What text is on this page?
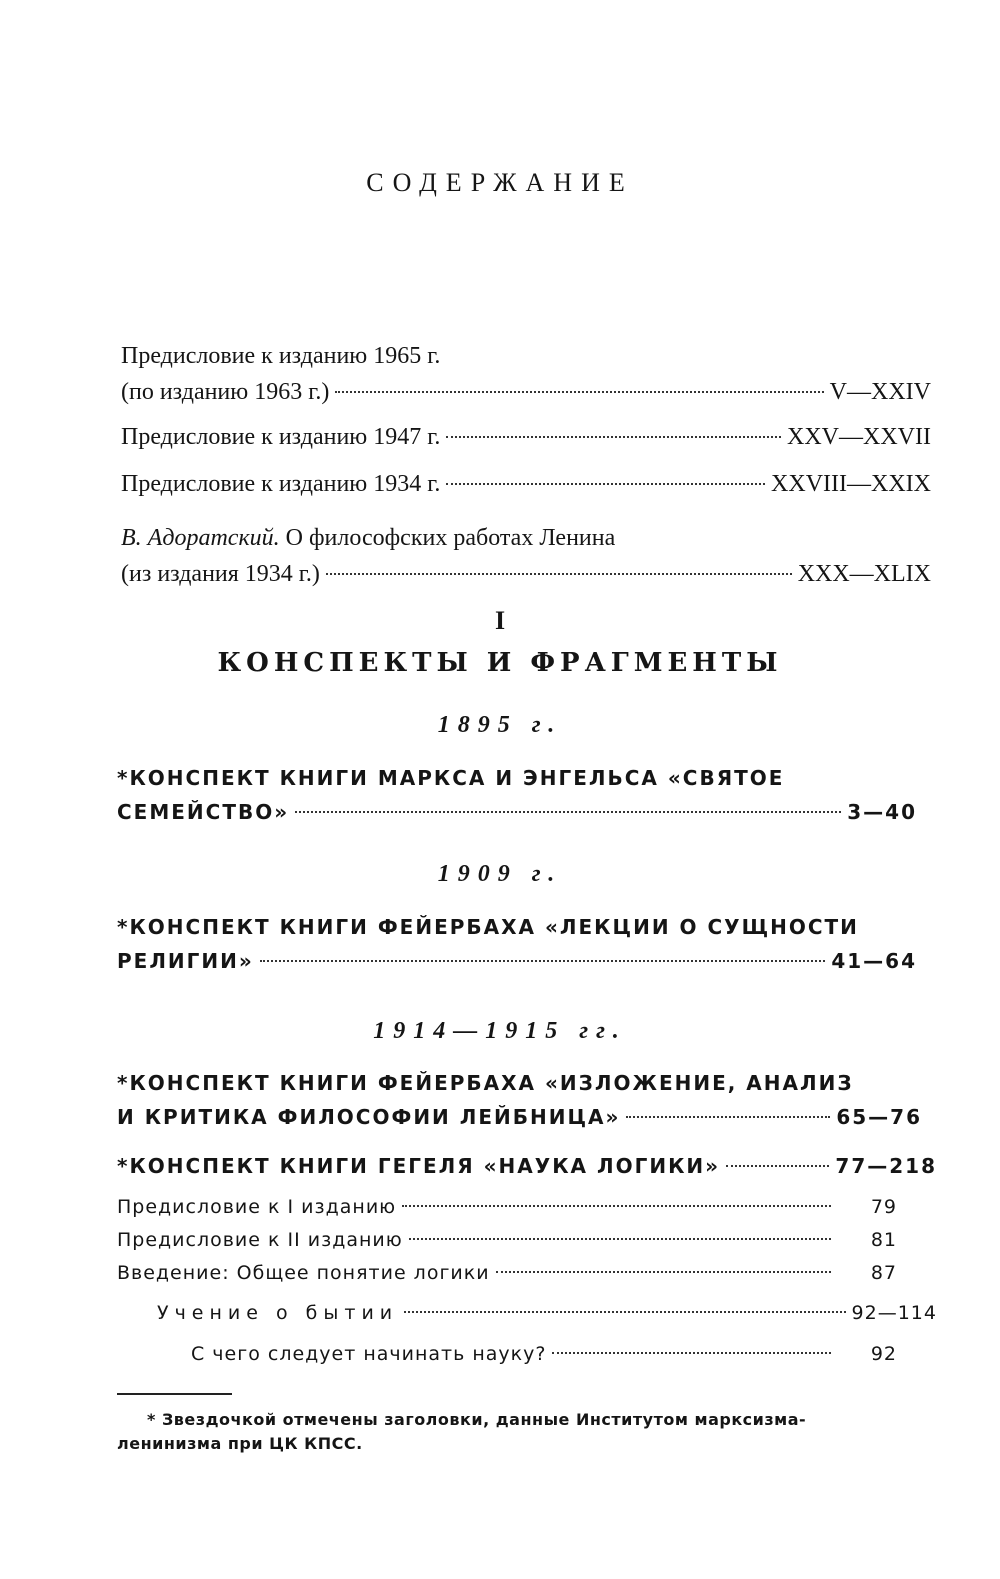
СОДЕРЖАНИЕ
Предисловие к изданию 1965 г.
(по изданию 1963 г.)	V—XXIV
Предисловие к изданию 1947 г.	XXV—XXVII
Предисловие к изданию 1934 г.	XXVIII—XXIX
В. Адоратский. О философских работах Ленина
(из издания 1934 г.)	XXX—XLIX
I
КОНСПЕКТЫ И ФРАГМЕНТЫ
1895 г.
*КОНСПЕКТ КНИГИ МАРКСА И ЭНГЕЛЬСА «СВЯТОЕ
СЕМЕЙСТВО»	3—40
1909 г.
*КОНСПЕКТ КНИГИ ФЕЙЕРБАХА «ЛЕКЦИИ О СУЩНОСТИ
РЕЛИГИИ»	41—64
1914—1915 гг.
*КОНСПЕКТ КНИГИ ФЕЙЕРБАХА «ИЗЛОЖЕНИЕ, АНАЛИЗ
И КРИТИКА ФИЛОСОФИИ ЛЕЙБНИЦА»	65—76
*КОНСПЕКТ КНИГИ ГЕГЕЛЯ «НАУКА ЛОГИКИ»	77—218
Предисловие к I изданию	79
Предисловие к II изданию	81
Введение: Общее понятие логики	87
Учение о бытии	92—114
С чего следует начинать науку?	92
* Звездочкой отмечены заголовки, данные Институтом марксизма-
ленинизма при ЦК КПСС.
